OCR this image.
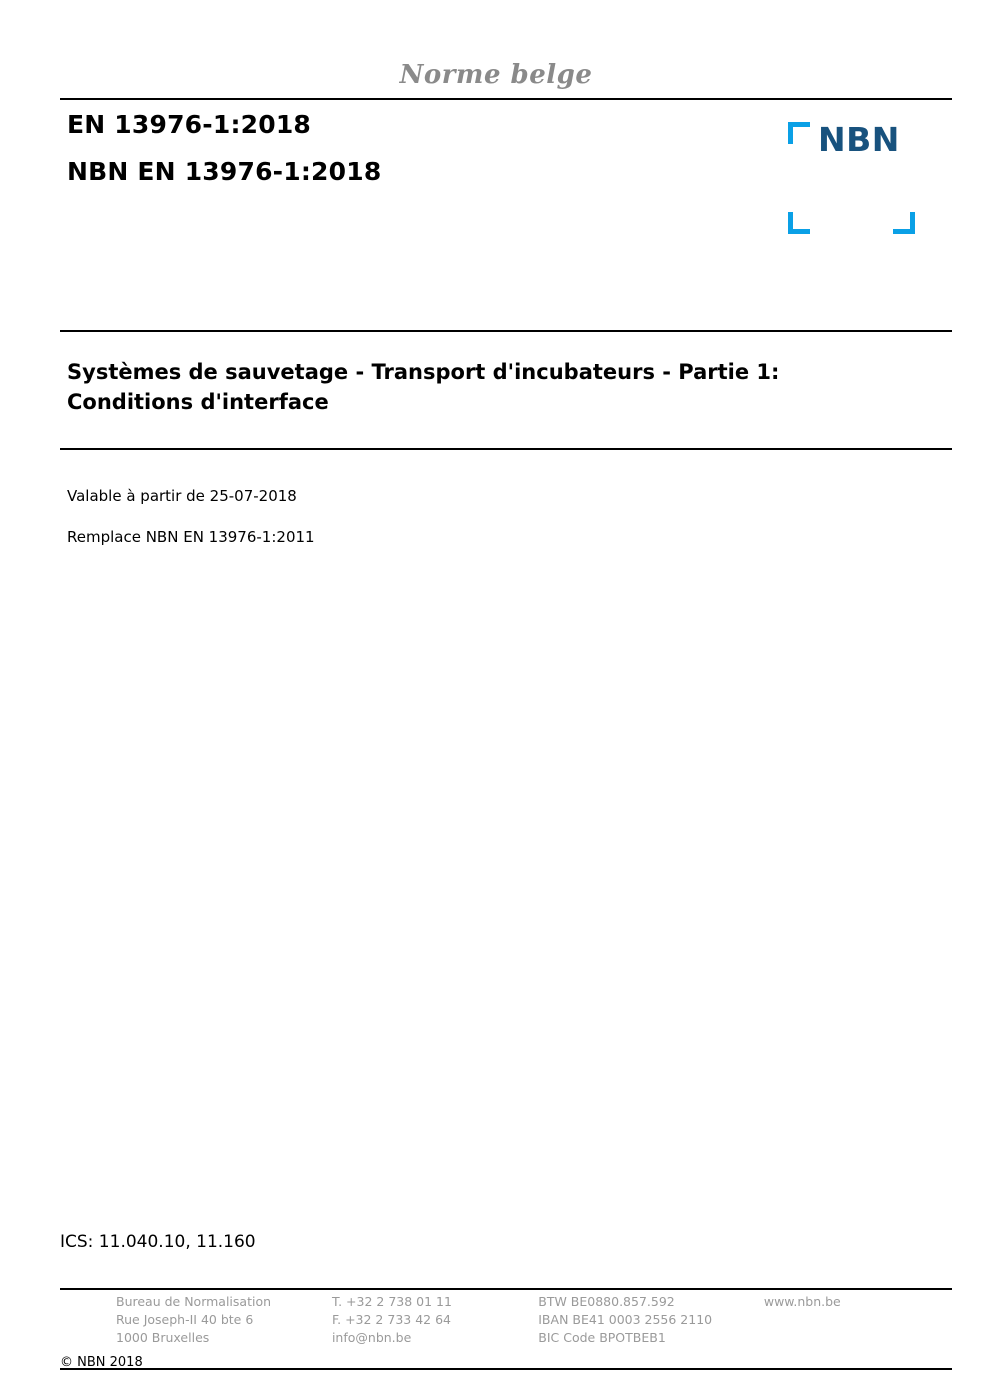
Norme belge
EN 13976-1:2018
NBN EN 13976-1:2018
NBN
Systèmes de sauvetage - Transport d'incubateurs - Partie 1: Conditions d'interface
Valable à partir de 25-07-2018
Remplace NBN EN 13976-1:2011
ICS: 11.040.10, 11.160
Bureau de Normalisation
Rue Joseph-II 40 bte 6
1000 Bruxelles
T. +32 2 738 01 11
F. +32 2 733 42 64
info@nbn.be
BTW BE0880.857.592
IBAN BE41 0003 2556 2110
BIC Code BPOTBEB1
www.nbn.be
© NBN 2018
